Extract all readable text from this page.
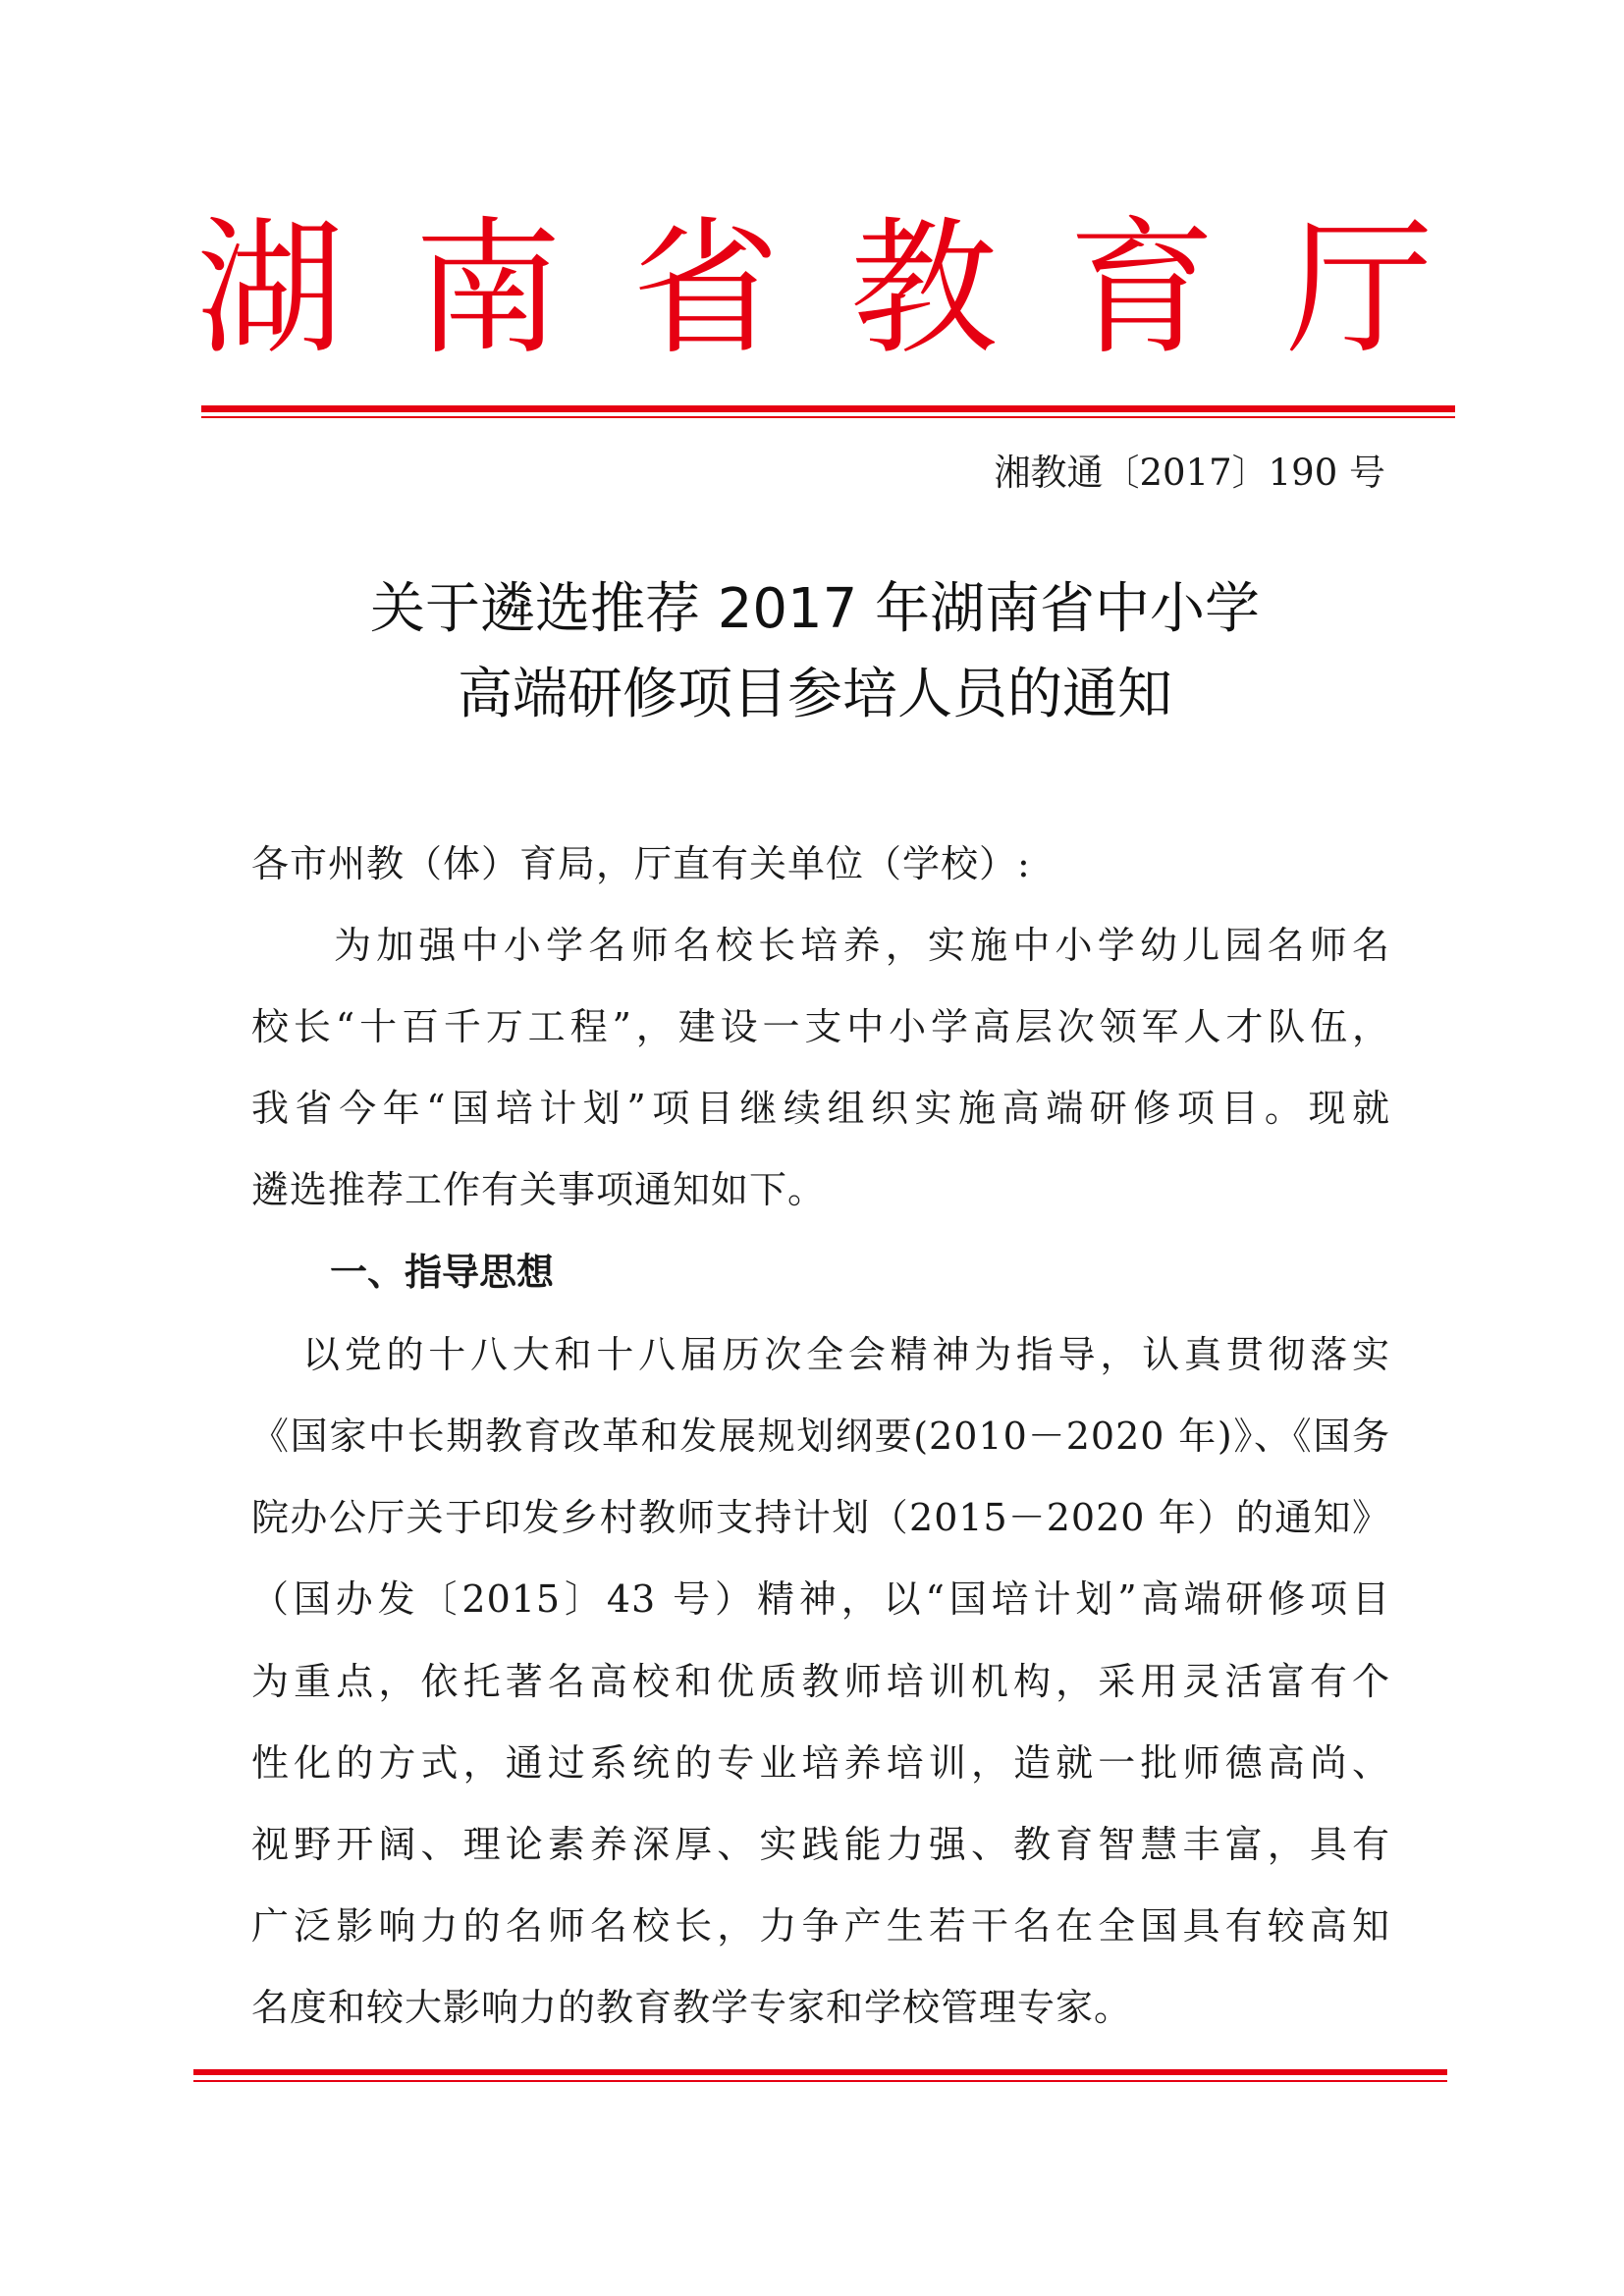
湖 南 省 教 育 厅
湘教通〔2017〕190 号
关于遴选推荐 2017 年湖南省中小学
高端研修项目参培人员的通知
各市州教（体）育局，厅直有关单位（学校）:
为加强中小学名师名校长培养，实施中小学幼儿园名师名
校长“十百千万工程”，建设一支中小学高层次领军人才队伍，
我省今年“国培计划”项目继续组织实施高端研修项目。现就
遴选推荐工作有关事项通知如下。
一、指导思想
以党的十八大和十八届历次全会精神为指导，认真贯彻落实
《国家中长期教育改革和发展规划纲要(2010－2020 年)》、《国务
院办公厅关于印发乡村教师支持计划（2015－2020 年）的通知》
（国办发〔2015〕43 号）精神，以“国培计划”高端研修项目
为重点，依托著名高校和优质教师培训机构，采用灵活富有个
性化的方式，通过系统的专业培养培训，造就一批师德高尚、
视野开阔、理论素养深厚、实践能力强、教育智慧丰富，具有
广泛影响力的名师名校长，力争产生若干名在全国具有较高知
名度和较大影响力的教育教学专家和学校管理专家。
